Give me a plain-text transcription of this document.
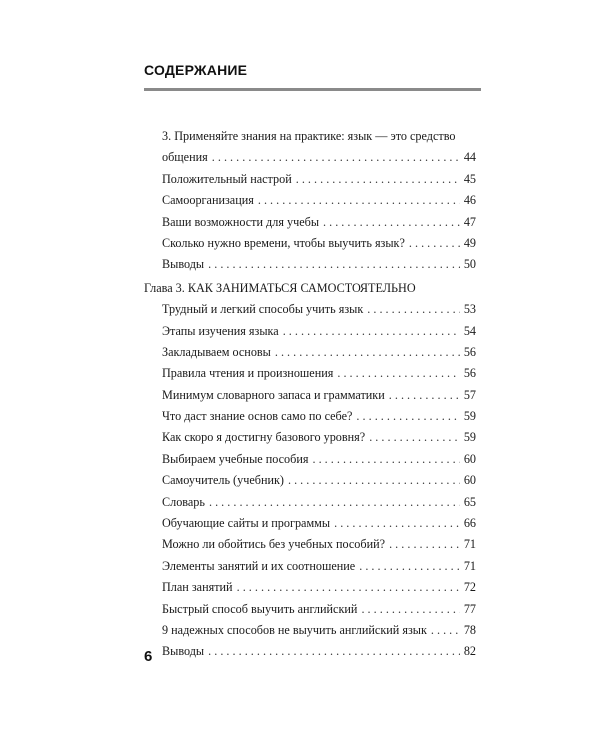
СОДЕРЖАНИЕ
3. Применяйте знания на практике: язык — это средство
общения . . .	44
Положительный настрой . . .	45
Самоорганизация . . .	46
Ваши возможности для учебы . . .	47
Сколько нужно времени, чтобы выучить язык? . . .	49
Выводы . . .	50
Глава 3. КАК ЗАНИМАТЬСЯ САМОСТОЯТЕЛЬНО
Трудный и легкий способы учить язык . . .	53
Этапы изучения языка . . .	54
Закладываем основы . . .	56
Правила чтения и произношения . . .	56
Минимум словарного запаса и грамматики . . .	57
Что даст знание основ само по себе? . . .	59
Как скоро я достигну базового уровня? . . .	59
Выбираем учебные пособия . . .	60
Самоучитель (учебник) . . .	60
Словарь . . .	65
Обучающие сайты и программы . . .	66
Можно ли обойтись без учебных пособий? . . .	71
Элементы занятий и их соотношение . . .	71
План занятий . . .	72
Быстрый способ выучить английский . . .	77
9 надежных способов не выучить английский язык . . .	78
Выводы . . .	82
6
